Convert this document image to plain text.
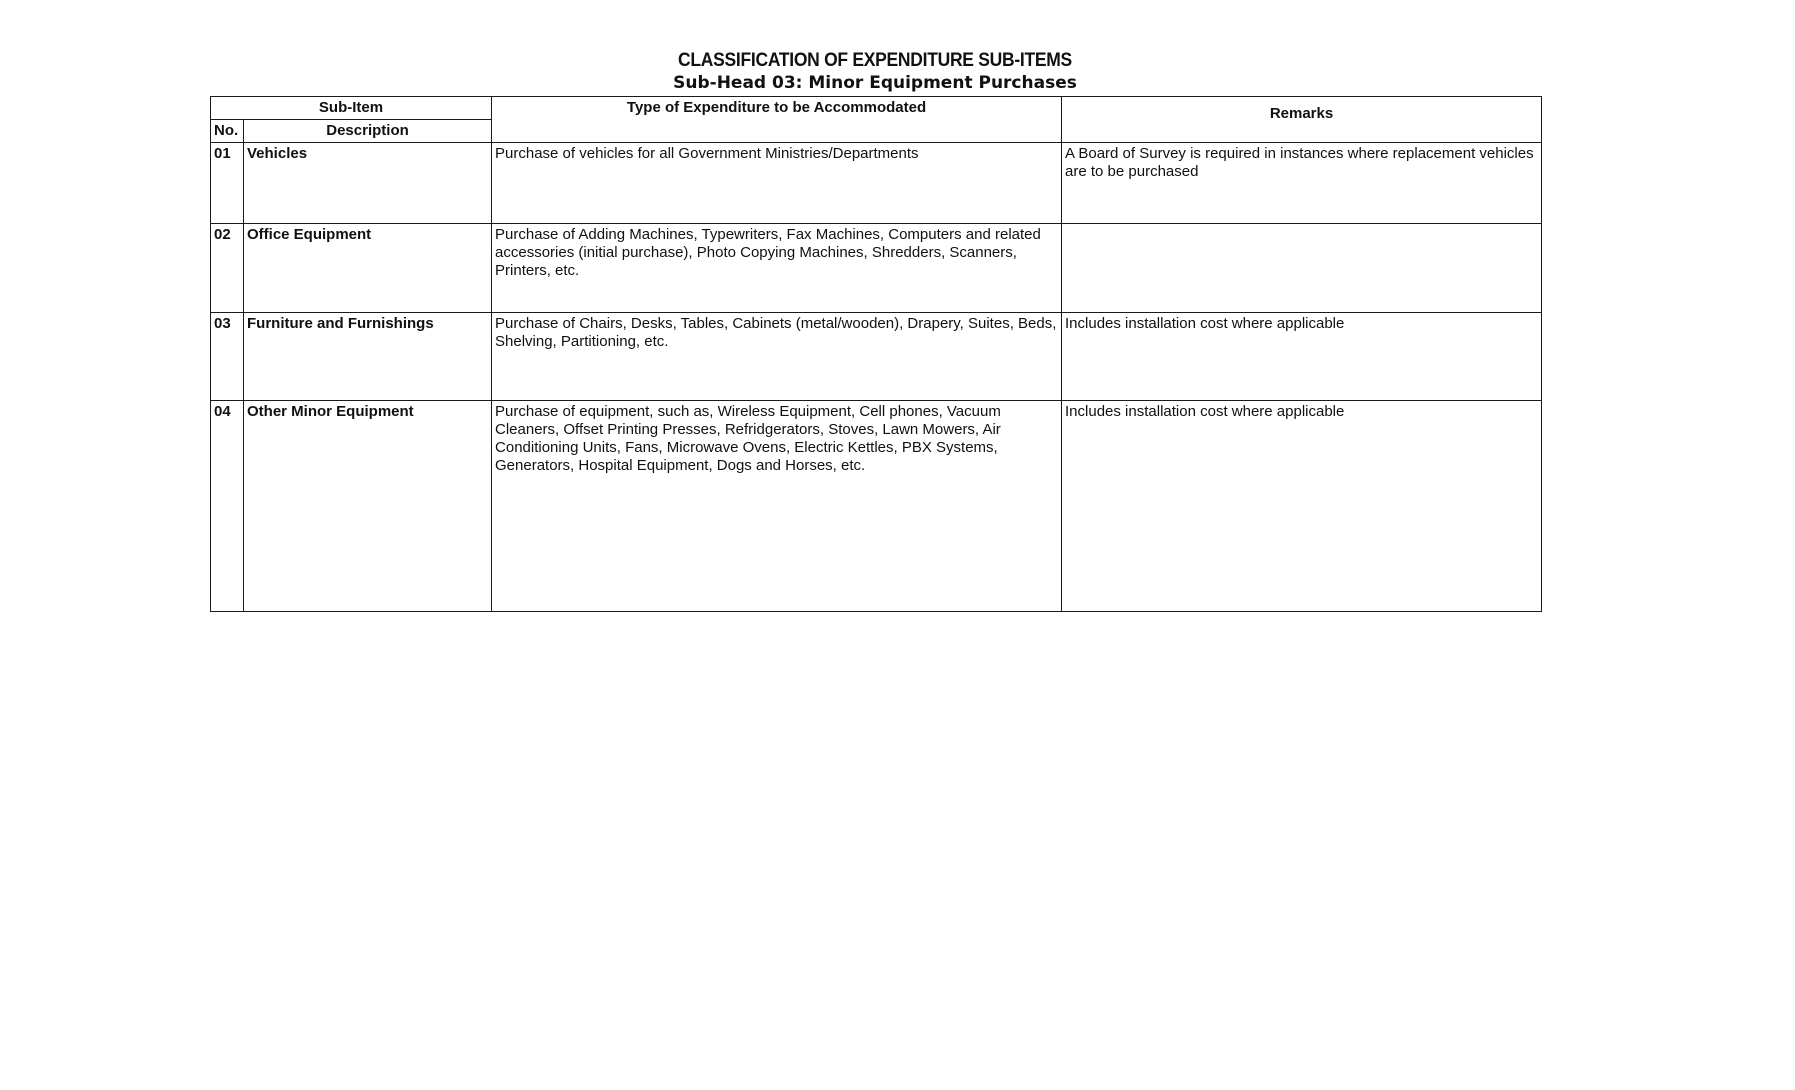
CLASSIFICATION OF EXPENDITURE SUB-ITEMS
Sub-Head 03: Minor Equipment Purchases
Sub-Item		Type of Expenditure to be Accommodated	Remarks
No.	Description		
01	Vehicles	Purchase of vehicles for all Government Ministries/Departments	A Board of Survey is required in instances where replacement vehicles are to be purchased
02	Office Equipment	Purchase of Adding Machines, Typewriters, Fax Machines, Computers and related accessories (initial purchase), Photo Copying Machines, Shredders, Scanners, Printers, etc.	
03	Furniture and Furnishings	Purchase of Chairs, Desks, Tables, Cabinets (metal/wooden), Drapery, Suites, Beds, Shelving, Partitioning, etc.	Includes installation cost where applicable
04	Other Minor Equipment	Purchase of equipment, such as, Wireless Equipment, Cell phones, Vacuum Cleaners, Offset Printing Presses, Refridgerators, Stoves, Lawn Mowers, Air Conditioning Units, Fans, Microwave Ovens, Electric Kettles, PBX Systems, Generators, Hospital Equipment, Dogs and Horses, etc.	Includes installation cost where applicable
